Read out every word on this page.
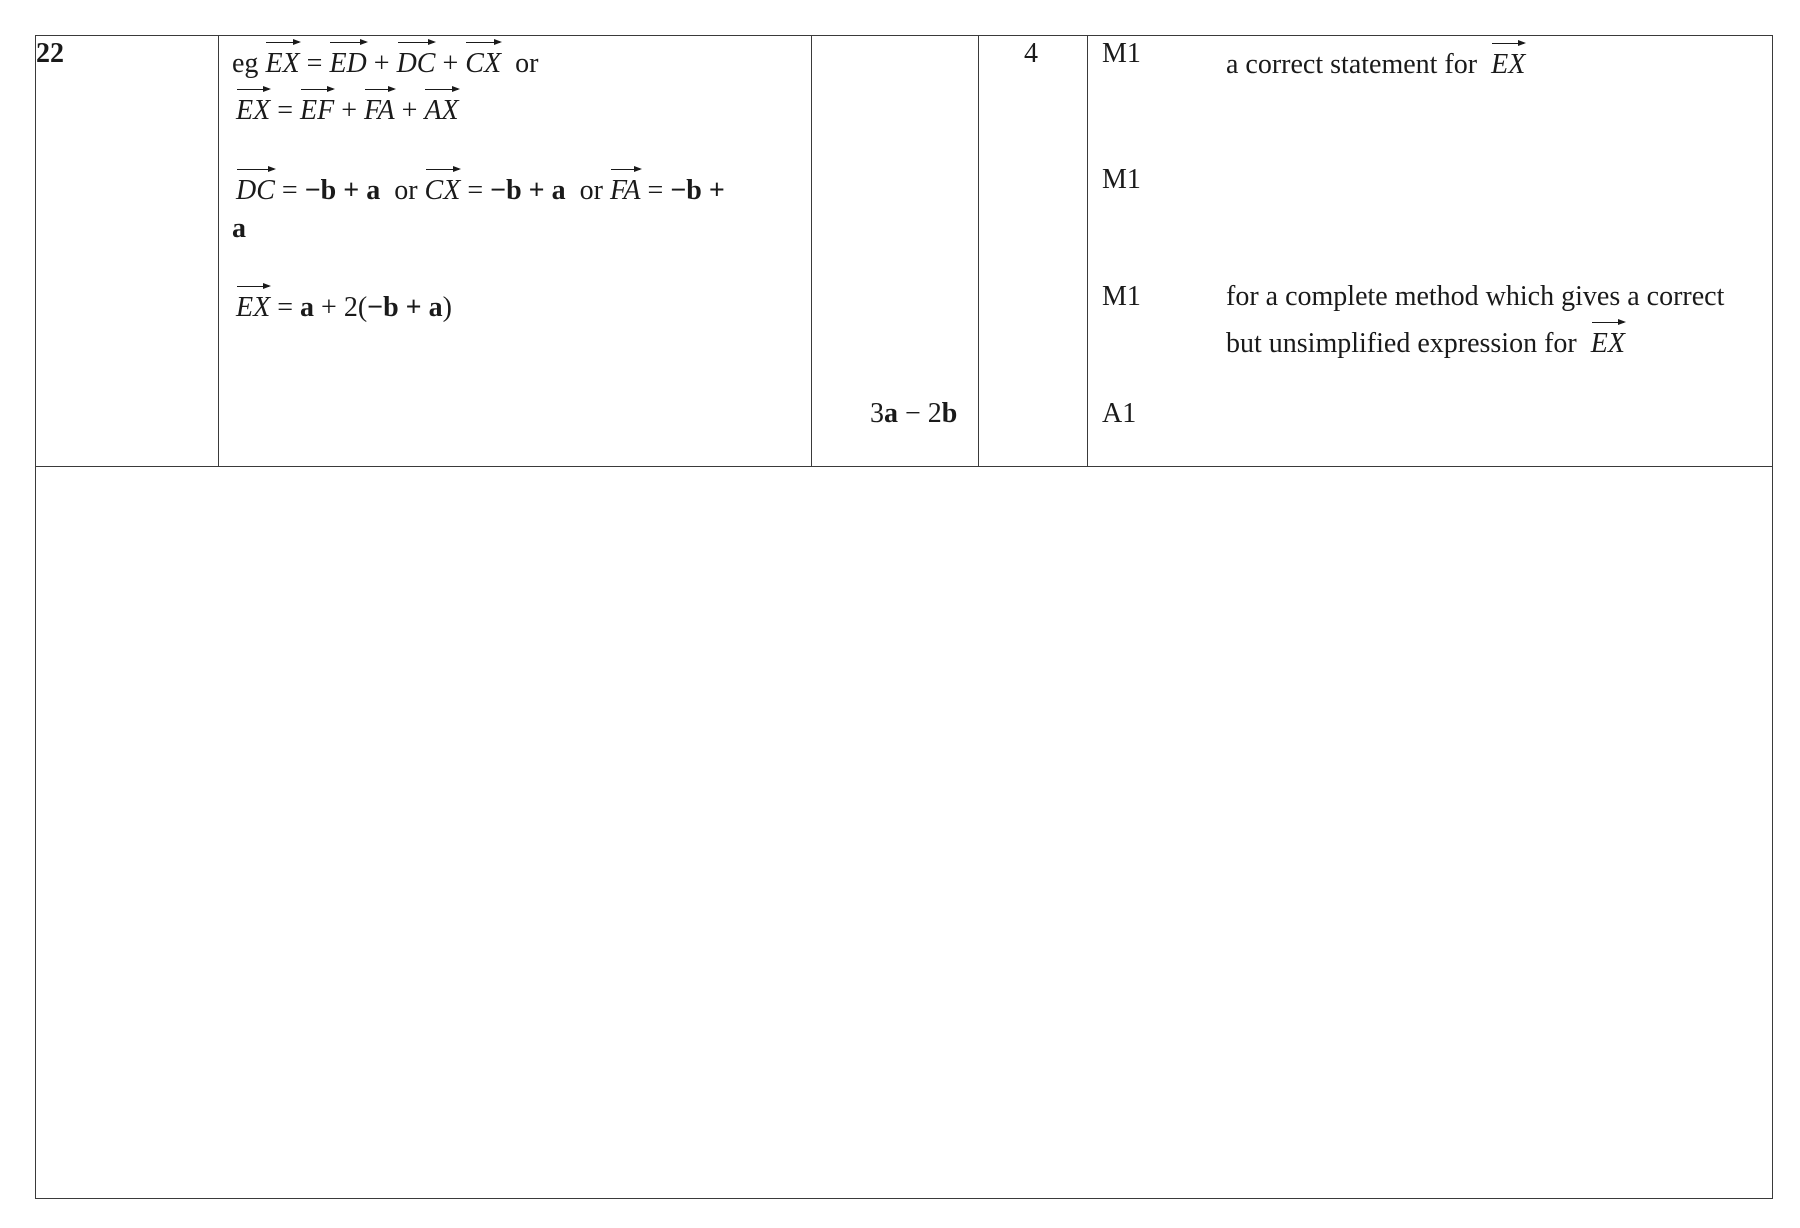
22	eg EX = ED + DC + CX or
EX = EF + FA + AX
DC = −b + a or CX = −b + a or FA = −b +
a
EX = a + 2(−b + a)
3a − 2b
4 M1
M1
M1
A1
a correct statement for EX
for a complete method which gives a correct
but unsimplified expression for EX
